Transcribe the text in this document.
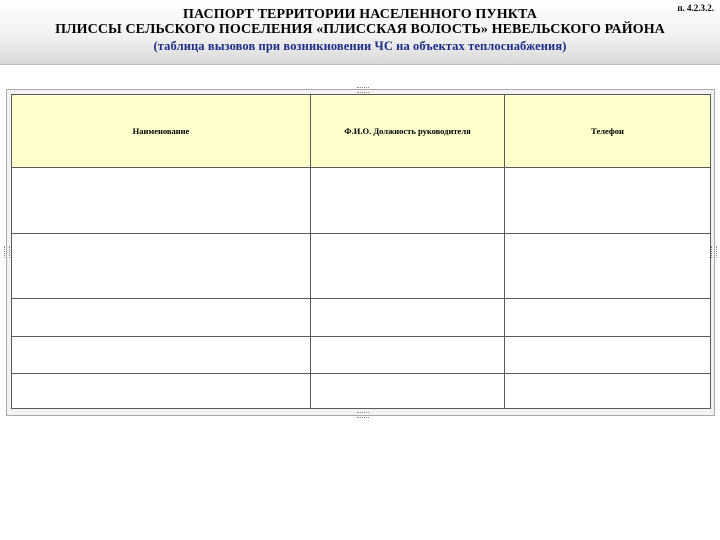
п. 4.2.3.2.
ПАСПОРТ ТЕРРИТОРИИ НАСЕЛЕННОГО ПУНКТА
ПЛИССЫ СЕЛЬСКОГО ПОСЕЛЕНИЯ «ПЛИССКАЯ ВОЛОСТЬ» НЕВЕЛЬСКОГО РАЙОНА
(таблица вызовов при возникновении ЧС на объектах теплоснабжения)
Наименование	Ф.И.О. Должность руководителя	Телефон
